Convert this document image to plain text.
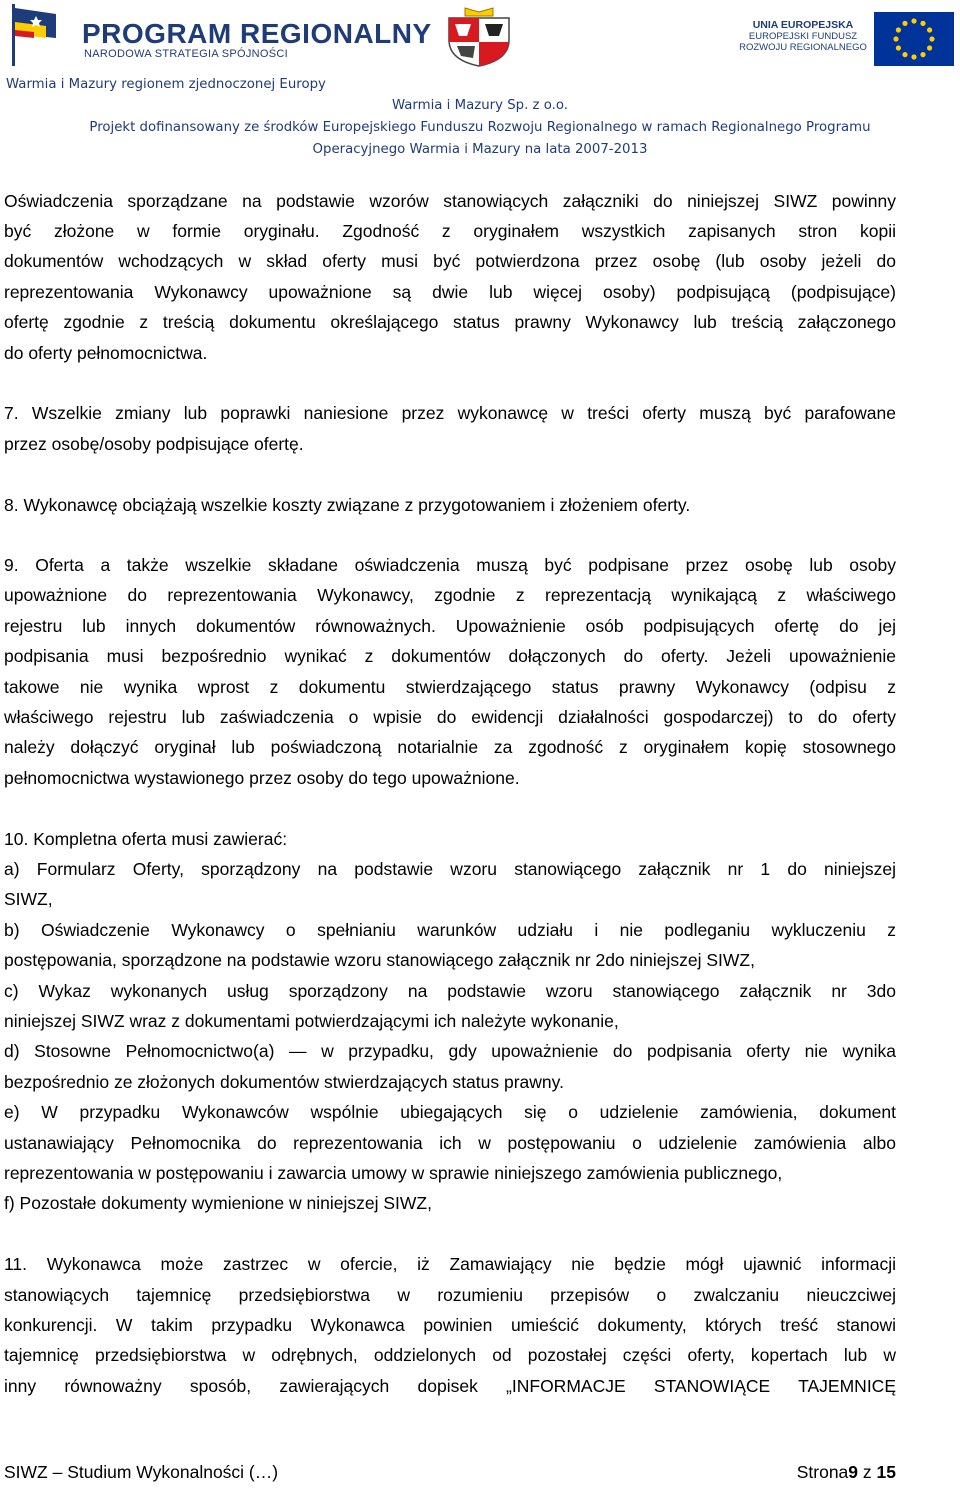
PROGRAM REGIONALNY
NARODOWA STRATEGIA SPÓJNOŚCI
UNIA EUROPEJSKA
EUROPEJSKI FUNDUSZ
ROZWOJU REGIONALNEGO
Warmia i Mazury regionem zjednoczonej Europy
Warmia i Mazury Sp. z o.o.
Projekt dofinansowany ze środków Europejskiego Funduszu Rozwoju Regionalnego w ramach Regionalnego Programu
Operacyjnego Warmia i Mazury na lata 2007-2013
Oświadczenia sporządzane na podstawie wzorów stanowiących załączniki do niniejszej SIWZ powinny
być złożone w formie oryginału. Zgodność z oryginałem wszystkich zapisanych stron kopii
dokumentów wchodzących w skład oferty musi być potwierdzona przez osobę (lub osoby jeżeli do
reprezentowania Wykonawcy upoważnione są dwie lub więcej osoby) podpisującą (podpisujące)
ofertę zgodnie z treścią dokumentu określającego status prawny Wykonawcy lub treścią załączonego
do oferty pełnomocnictwa.
7. Wszelkie zmiany lub poprawki naniesione przez wykonawcę w treści oferty muszą być parafowane
przez osobę/osoby podpisujące ofertę.
8. Wykonawcę obciążają wszelkie koszty związane z przygotowaniem i złożeniem oferty.
9. Oferta a także wszelkie składane oświadczenia muszą być podpisane przez osobę lub osoby
upoważnione do reprezentowania Wykonawcy, zgodnie z reprezentacją wynikającą z właściwego
rejestru lub innych dokumentów równoważnych. Upoważnienie osób podpisujących ofertę do jej
podpisania musi bezpośrednio wynikać z dokumentów dołączonych do oferty. Jeżeli upoważnienie
takowe nie wynika wprost z dokumentu stwierdzającego status prawny Wykonawcy (odpisu z
właściwego rejestru lub zaświadczenia o wpisie do ewidencji działalności gospodarczej) to do oferty
należy dołączyć oryginał lub poświadczoną notarialnie za zgodność z oryginałem kopię stosownego
pełnomocnictwa wystawionego przez osoby do tego upoważnione.
10. Kompletna oferta musi zawierać:
a) Formularz Oferty, sporządzony na podstawie wzoru stanowiącego załącznik nr 1 do niniejszej
SIWZ,
b) Oświadczenie Wykonawcy o spełnianiu warunków udziału i nie podleganiu wykluczeniu z
postępowania, sporządzone na podstawie wzoru stanowiącego załącznik nr 2do niniejszej SIWZ,
c) Wykaz wykonanych usług sporządzony na podstawie wzoru stanowiącego załącznik nr 3do
niniejszej SIWZ wraz z dokumentami potwierdzającymi ich należyte wykonanie,
d) Stosowne Pełnomocnictwo(a) — w przypadku, gdy upoważnienie do podpisania oferty nie wynika
bezpośrednio ze złożonych dokumentów stwierdzających status prawny.
e) W przypadku Wykonawców wspólnie ubiegających się o udzielenie zamówienia, dokument
ustanawiający Pełnomocnika do reprezentowania ich w postępowaniu o udzielenie zamówienia albo
reprezentowania w postępowaniu i zawarcia umowy w sprawie niniejszego zamówienia publicznego,
f) Pozostałe dokumenty wymienione w niniejszej SIWZ,
11. Wykonawca może zastrzec w ofercie, iż Zamawiający nie będzie mógł ujawnić informacji
stanowiących tajemnicę przedsiębiorstwa w rozumieniu przepisów o zwalczaniu nieuczciwej
konkurencji. W takim przypadku Wykonawca powinien umieścić dokumenty, których treść stanowi
tajemnicę przedsiębiorstwa w odrębnych, oddzielonych od pozostałej części oferty, kopertach lub w
inny równoważny sposób, zawierających dopisek „INFORMACJE STANOWIĄCE TAJEMNICĘ
SIWZ – Studium Wykonalności (…)	Strona9 z 15
